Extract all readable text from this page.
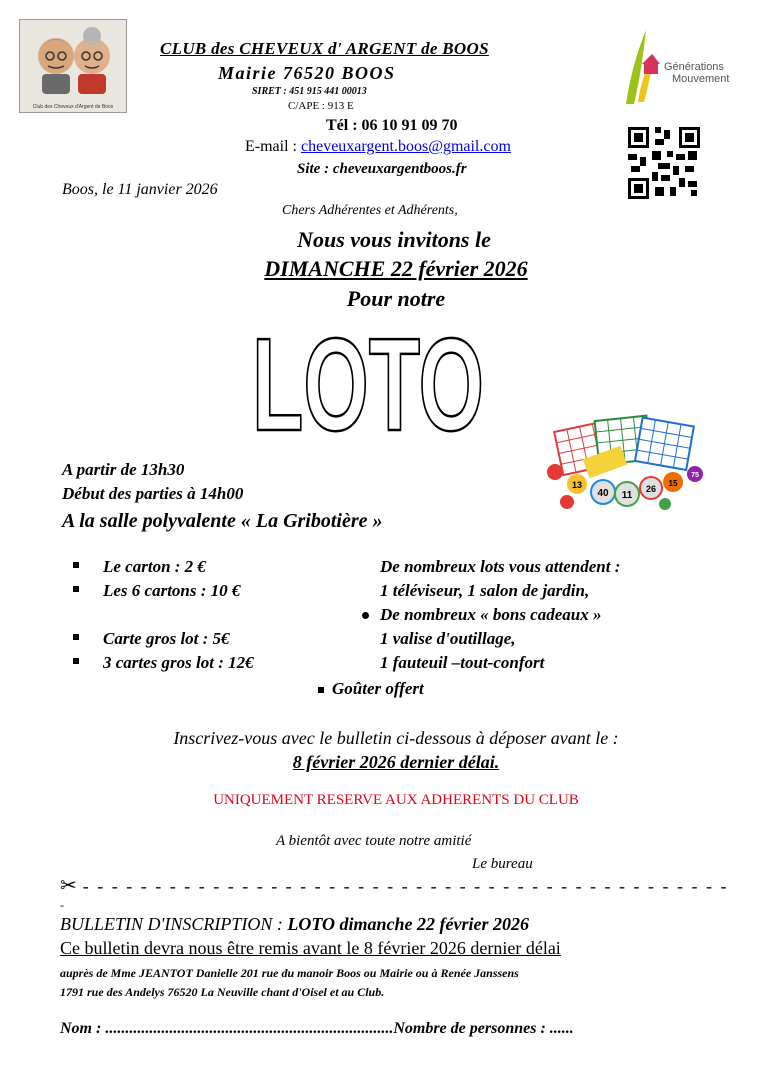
Club des Cheveux d'Argent de Boos
CLUB des CHEVEUX d' ARGENT de BOOS
Mairie 76520 BOOS
SIRET : 451 915 441 00013
C/APE : 913 E
Tél : 06 10 91 09 70
E-mail : cheveuxargent.boos@gmail.com
Site : cheveuxargentboos.fr
Générations
Mouvement
Boos, le 11 janvier 2026
Chers Adhérentes et Adhérents,
Nous vous invitons le
DIMANCHE 22 février 2026
Pour notre
LOTO
13
40 11
26
15
75
A partir de 13h30
Début des parties à 14h00
A la salle polyvalente « La Gribotière »
Le carton : 2 €
Les 6 cartons : 10 €
Carte gros lot : 5€
3 cartes gros lot : 12€
De nombreux lots vous attendent :
1 téléviseur, 1 salon de jardin,
De nombreux « bons cadeaux »
1 valise d'outillage,
1 fauteuil –tout-confort
Goûter offert
Inscrivez-vous avec le bulletin ci-dessous à déposer avant le :
8 février 2026 dernier délai.
UNIQUEMENT RESERVE AUX ADHERENTS DU CLUB
A bientôt avec toute notre amitié
Le bureau
✂ - - - - - - - - - - - - - - - - - - - - - - - - - - - - - - - - - - - - - - - - - - - - -
-
BULLETIN D'INSCRIPTION : LOTO dimanche 22 février 2026
Ce bulletin devra nous être remis avant le 8 février 2026 dernier délai
auprès de Mme JEANTOT Danielle 201 rue du manoir Boos ou Mairie ou à Renée Janssens
1791 rue des Andelys 76520 La Neuville chant d'Oisel et au Club.
Nom : ........................................................................Nombre de personnes : ......
